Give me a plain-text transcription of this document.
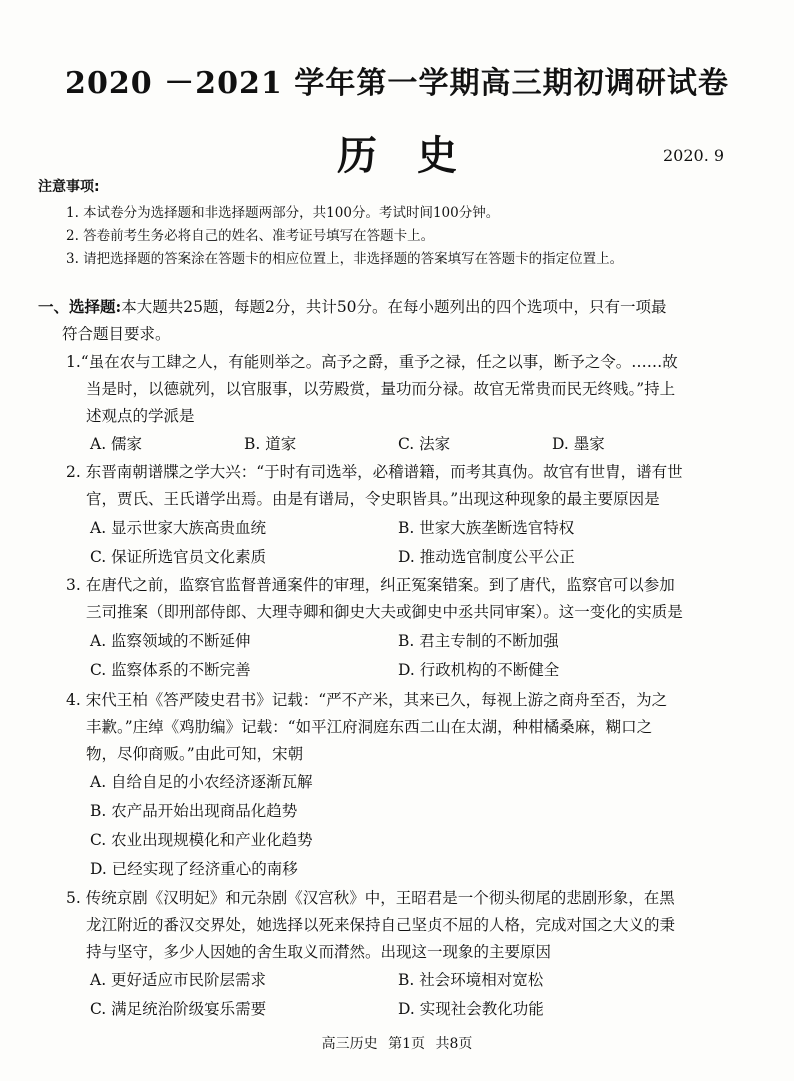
2020 －2021 学年第一学期高三期初调研试卷
历史	2020. 9
注意事项:
1. 本试卷分为选择题和非选择题两部分，共100分。考试时间100分钟。
2. 答卷前考生务必将自己的姓名、准考证号填写在答题卡上。
3. 请把选择题的答案涂在答题卡的相应位置上，非选择题的答案填写在答题卡的指定位置上。
一、选择题:本大题共25题，每题2分，共计50分。在每小题列出的四个选项中，只有一项最
符合题目要求。
1.“虽在农与工肆之人，有能则举之。高予之爵，重予之禄，任之以事，断予之令。……故
当是时，以德就列，以官服事，以劳殿赏，量功而分禄。故官无常贵而民无终贱。”持上
述观点的学派是
A. 儒家	B. 道家	C. 法家	D. 墨家
2. 东晋南朝谱牒之学大兴：“于时有司选举，必稽谱籍，而考其真伪。故官有世胄，谱有世
官，贾氏、王氏谱学出焉。由是有谱局，令史职皆具。”出现这种现象的最主要原因是
A. 显示世家大族高贵血统	B. 世家大族垄断选官特权
C. 保证所选官员文化素质	D. 推动选官制度公平公正
3. 在唐代之前，监察官监督普通案件的审理，纠正冤案错案。到了唐代，监察官可以参加
三司推案（即刑部侍郎、大理寺卿和御史大夫或御史中丞共同审案）。这一变化的实质是
A. 监察领域的不断延伸	B. 君主专制的不断加强
C. 监察体系的不断完善	D. 行政机构的不断健全
4. 宋代王柏《答严陵史君书》记载：“严不产米，其来已久，每视上游之商舟至否，为之
丰歉。”庄绰《鸡肋编》记载：“如平江府洞庭东西二山在太湖，种柑橘桑麻，糊口之
物，尽仰商贩。”由此可知，宋朝
A. 自给自足的小农经济逐渐瓦解
B. 农产品开始出现商品化趋势
C. 农业出现规模化和产业化趋势
D. 已经实现了经济重心的南移
5. 传统京剧《汉明妃》和元杂剧《汉宫秋》中，王昭君是一个彻头彻尾的悲剧形象，在黑
龙江附近的番汉交界处，她选择以死来保持自己坚贞不屈的人格，完成对国之大义的秉
持与坚守，多少人因她的舍生取义而潸然。出现这一现象的主要原因
A. 更好适应市民阶层需求	B. 社会环境相对宽松
C. 满足统治阶级宴乐需要	D. 实现社会教化功能
高三历史 第1页 共8页
